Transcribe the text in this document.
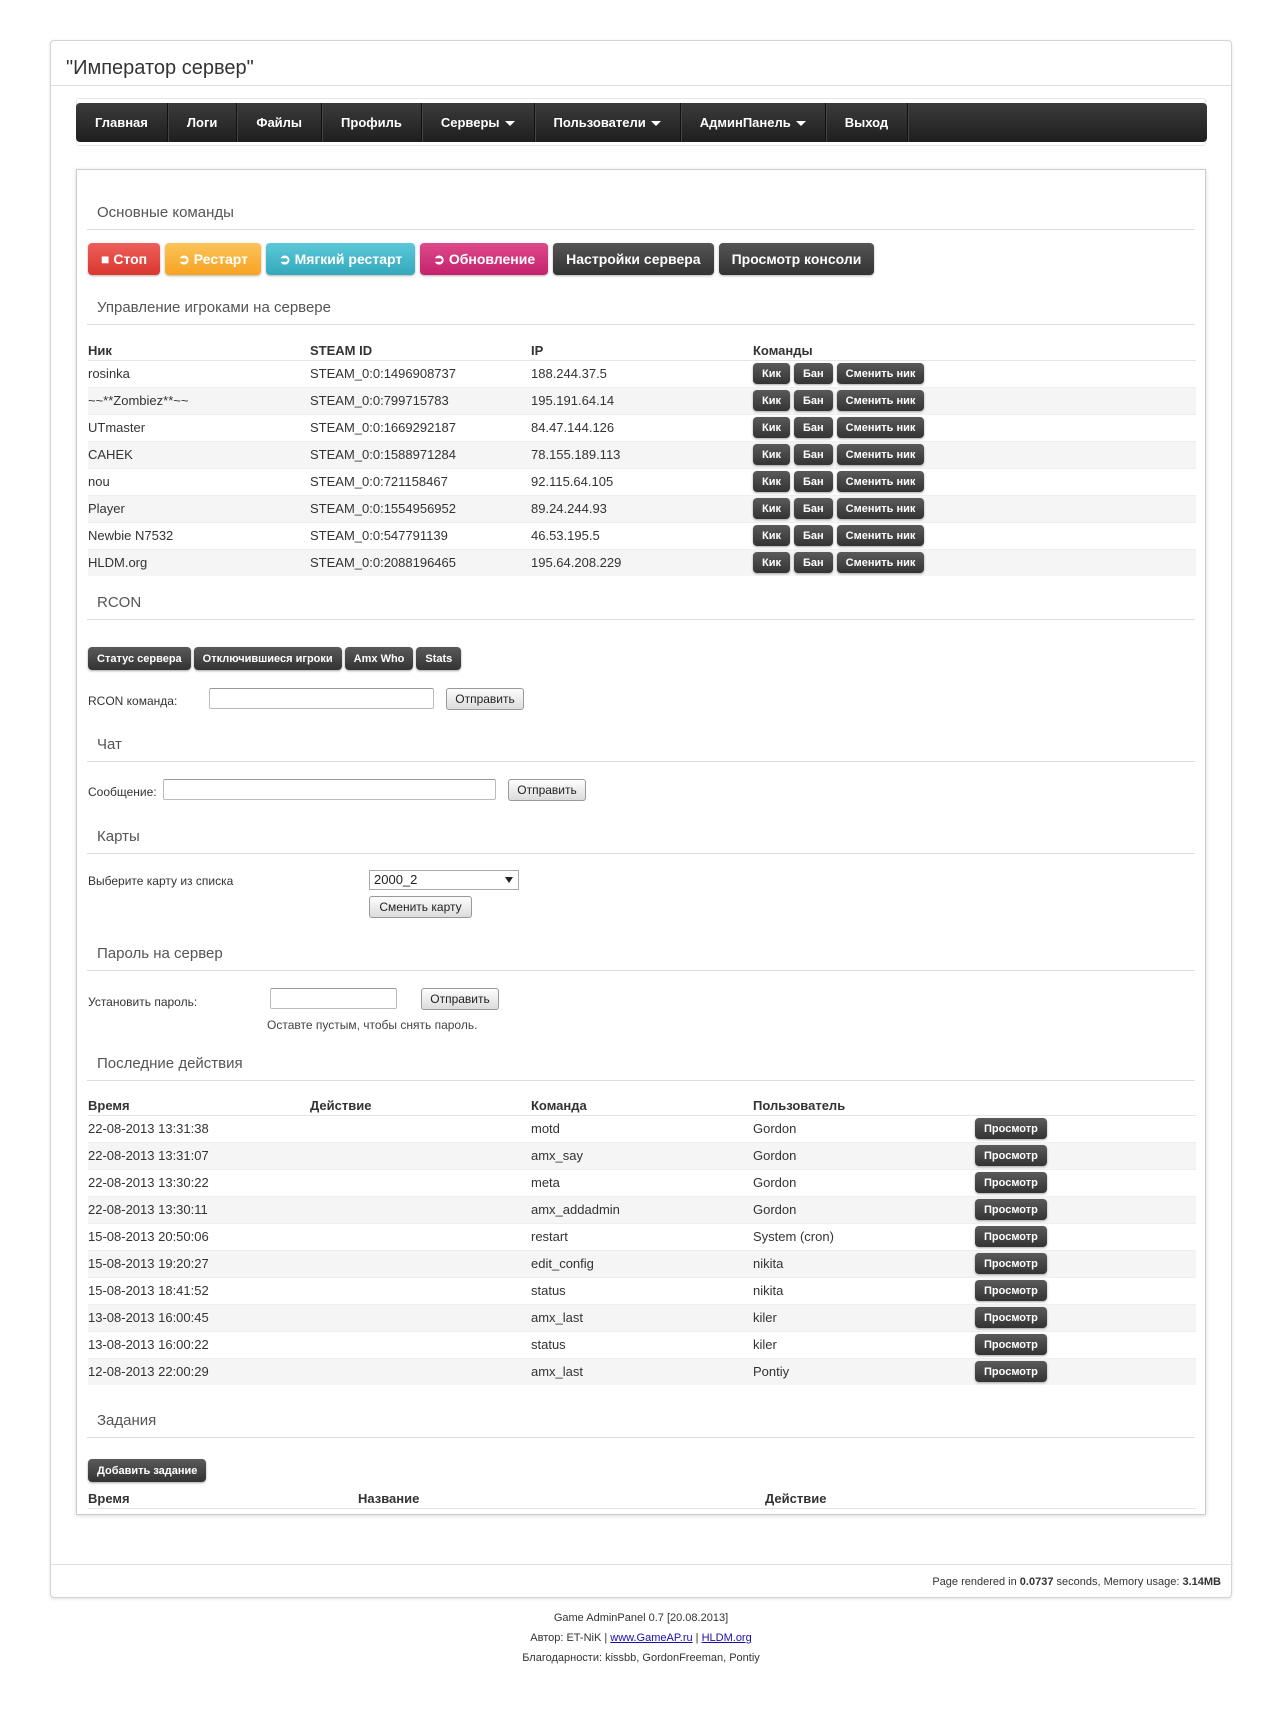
"Император сервер"
Главная	Логи	Файлы	Профиль	Серверы	Пользователи	АдминПанель	Выход
Основные команды
■ Стоп	➲ Рестарт	➲ Мягкий рестарт	➲ Обновление	Настройки сервера	Просмотр консоли
Управление игроками на сервере
Ник	STEAM ID	IP	Команды
rosinka	STEAM_0:0:1496908737	188.244.37.5	Кик Бан Сменить ник

~~**Zombiez**~~	STEAM_0:0:799715783	195.191.64.14	Кик Бан Сменить ник

UTmaster	STEAM_0:0:1669292187	84.47.144.126	Кик Бан Сменить ник

CAHEK	STEAM_0:0:1588971284	78.155.189.113	Кик Бан Сменить ник

nou	STEAM_0:0:721158467	92.115.64.105	Кик Бан Сменить ник

Player	STEAM_0:0:1554956952	89.24.244.93	Кик Бан Сменить ник

Newbie N7532	STEAM_0:0:547791139	46.53.195.5	Кик Бан Сменить ник

HLDM.org	STEAM_0:0:2088196465	195.64.208.229	Кик Бан Сменить ник
RCON
Статус сервера	Отключившиеся игроки	Amx Who	Stats
RCON команда:	Отправить
Чат
Сообщение:	Отправить
Карты
Выберите карту из списка	2000_2
Сменить карту
Пароль на сервер
Установить пароль:	Отправить
Оставте пустым, чтобы снять пароль.
Последние действия
Время	Действие	Команда	Пользователь	
22-08-2013 13:31:38		motd	Gordon	Просмотр
22-08-2013 13:31:07		amx_say	Gordon	Просмотр
22-08-2013 13:30:22		meta	Gordon	Просмотр
22-08-2013 13:30:11		amx_addadmin	Gordon	Просмотр
15-08-2013 20:50:06		restart	System (cron)	Просмотр
15-08-2013 19:20:27		edit_config	nikita	Просмотр
15-08-2013 18:41:52		status	nikita	Просмотр
13-08-2013 16:00:45		amx_last	kiler	Просмотр
13-08-2013 16:00:22		status	kiler	Просмотр
12-08-2013 22:00:29		amx_last	Pontiy	Просмотр
Задания
Добавить задание
Время	Название	Действие
Page rendered in 0.0737 seconds, Memory usage: 3.14MB
Game AdminPanel 0.7 [20.08.2013]
Автор: ET-NiK | www.GameAP.ru | HLDM.org
Благодарности: kissbb, GordonFreeman, Pontiy
